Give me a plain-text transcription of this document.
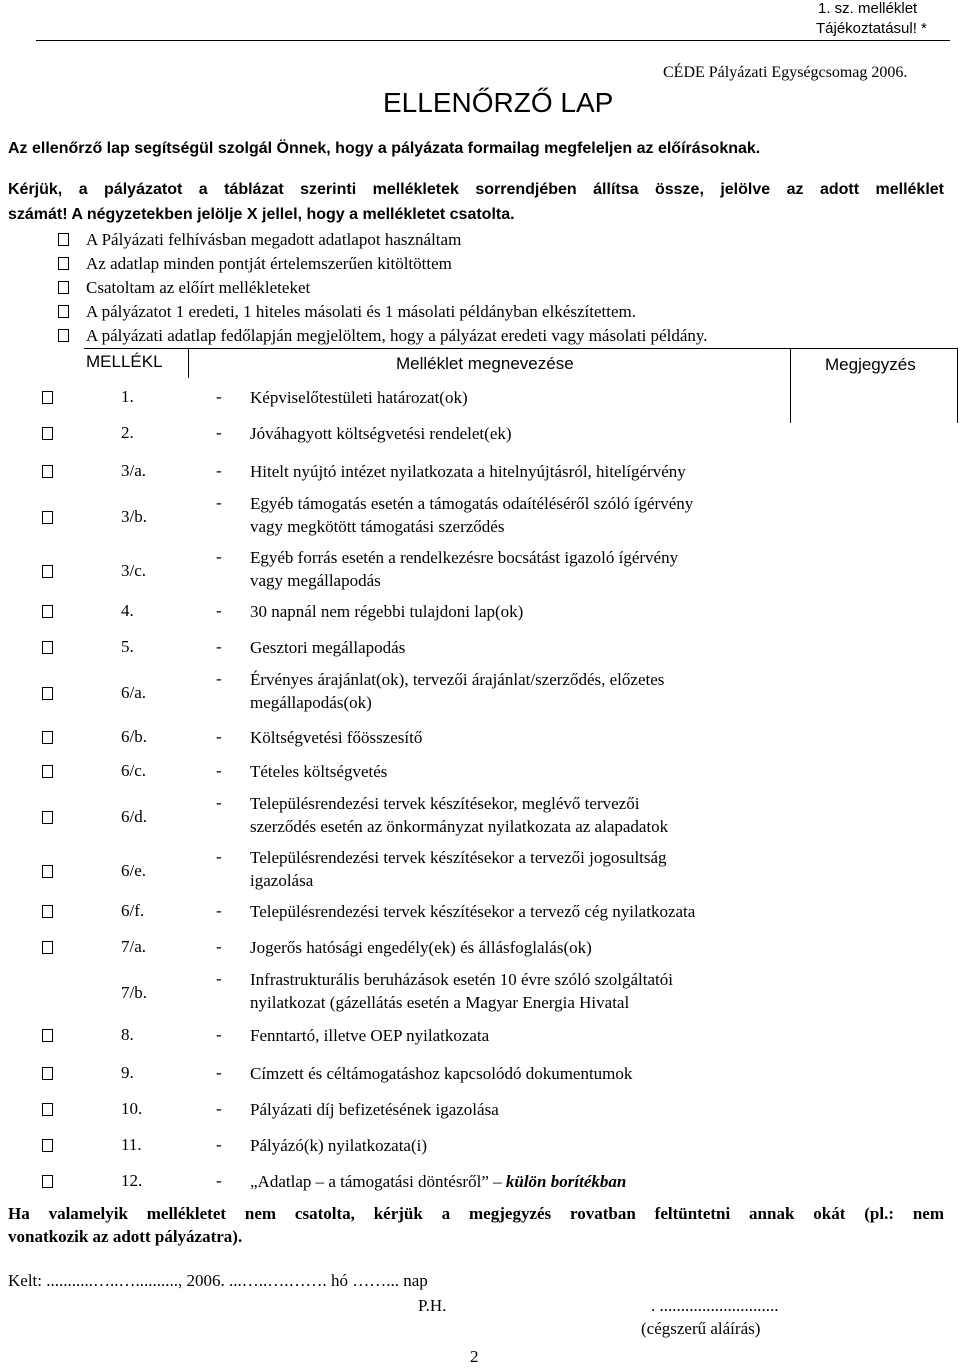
1. sz. melléklet
Tájékoztatásul! *
CÉDE Pályázati Egységcsomag 2006.
ELLENŐRZŐ LAP
Az ellenőrző lap segítségül szolgál Önnek, hogy a pályázata formailag megfeleljen az előírásoknak.
Kérjük, a pályázatot a táblázat szerinti mellékletek sorrendjében állítsa össze, jelölve az adott melléklet
számát! A négyzetekben jelölje X jellel, hogy a mellékletet csatolta.
A Pályázati felhívásban megadott adatlapot használtam
Az adatlap minden pontját értelemszerűen kitöltöttem
Csatoltam az előírt mellékleteket
A pályázatot 1 eredeti, 1 hiteles másolati és 1 másolati példányban elkészítettem.
A pályázati adatlap fedőlapján megjelöltem, hogy a pályázat eredeti vagy másolati példány.
MELLÉKL	Melléklet megnevezése	Megjegyzés
1.	- Képviselőtestületi határozat(ok)
2.	- Jóváhagyott költségvetési rendelet(ek)
3/a.	- Hitelt nyújtó intézet nyilatkozata a hitelnyújtásról, hitelígérvény
3/b.
- Egyéb támogatás esetén a támogatás odaítéléséről szóló ígérvény
vagy megkötött támogatási szerződés
3/c.
- Egyéb forrás esetén a rendelkezésre bocsátást igazoló ígérvény
vagy megállapodás
4.	- 30 napnál nem régebbi tulajdoni lap(ok)
5.	- Gesztori megállapodás
6/a.
- Érvényes árajánlat(ok), tervezői árajánlat/szerződés, előzetes
megállapodás(ok)
6/b.	- Költségvetési főösszesítő
6/c.	- Tételes költségvetés
6/d.
- Településrendezési tervek készítésekor, meglévő tervezői
szerződés esetén az önkormányzat nyilatkozata az alapadatok
6/e.
- Településrendezési tervek készítésekor a tervezői jogosultság
igazolása
6/f.	- Településrendezési tervek készítésekor a tervező cég nyilatkozata
7/a.	- Jogerős hatósági engedély(ek) és állásfoglalás(ok)
7/b.
- Infrastrukturális beruházások esetén 10 évre szóló szolgáltatói
nyilatkozat (gázellátás esetén a Magyar Energia Hivatal
8.	- Fenntartó, illetve OEP nyilatkozata
9.	- Címzett és céltámogatáshoz kapcsolódó dokumentumok
10.	- Pályázati díj befizetésének igazolása
11.	- Pályázó(k) nyilatkozata(i)
12.	- „Adatlap – a támogatási döntésről” – külön borítékban
Ha valamelyik mellékletet nem csatolta, kérjük a megjegyzés rovatban feltüntetni annak okát (pl.: nem
vonatkozik az adott pályázatra).
Kelt: ...........…..….........., 2006. ...…..….……. hó ……... nap
P.H.	. ............................
(cégszerű aláírás)
2
